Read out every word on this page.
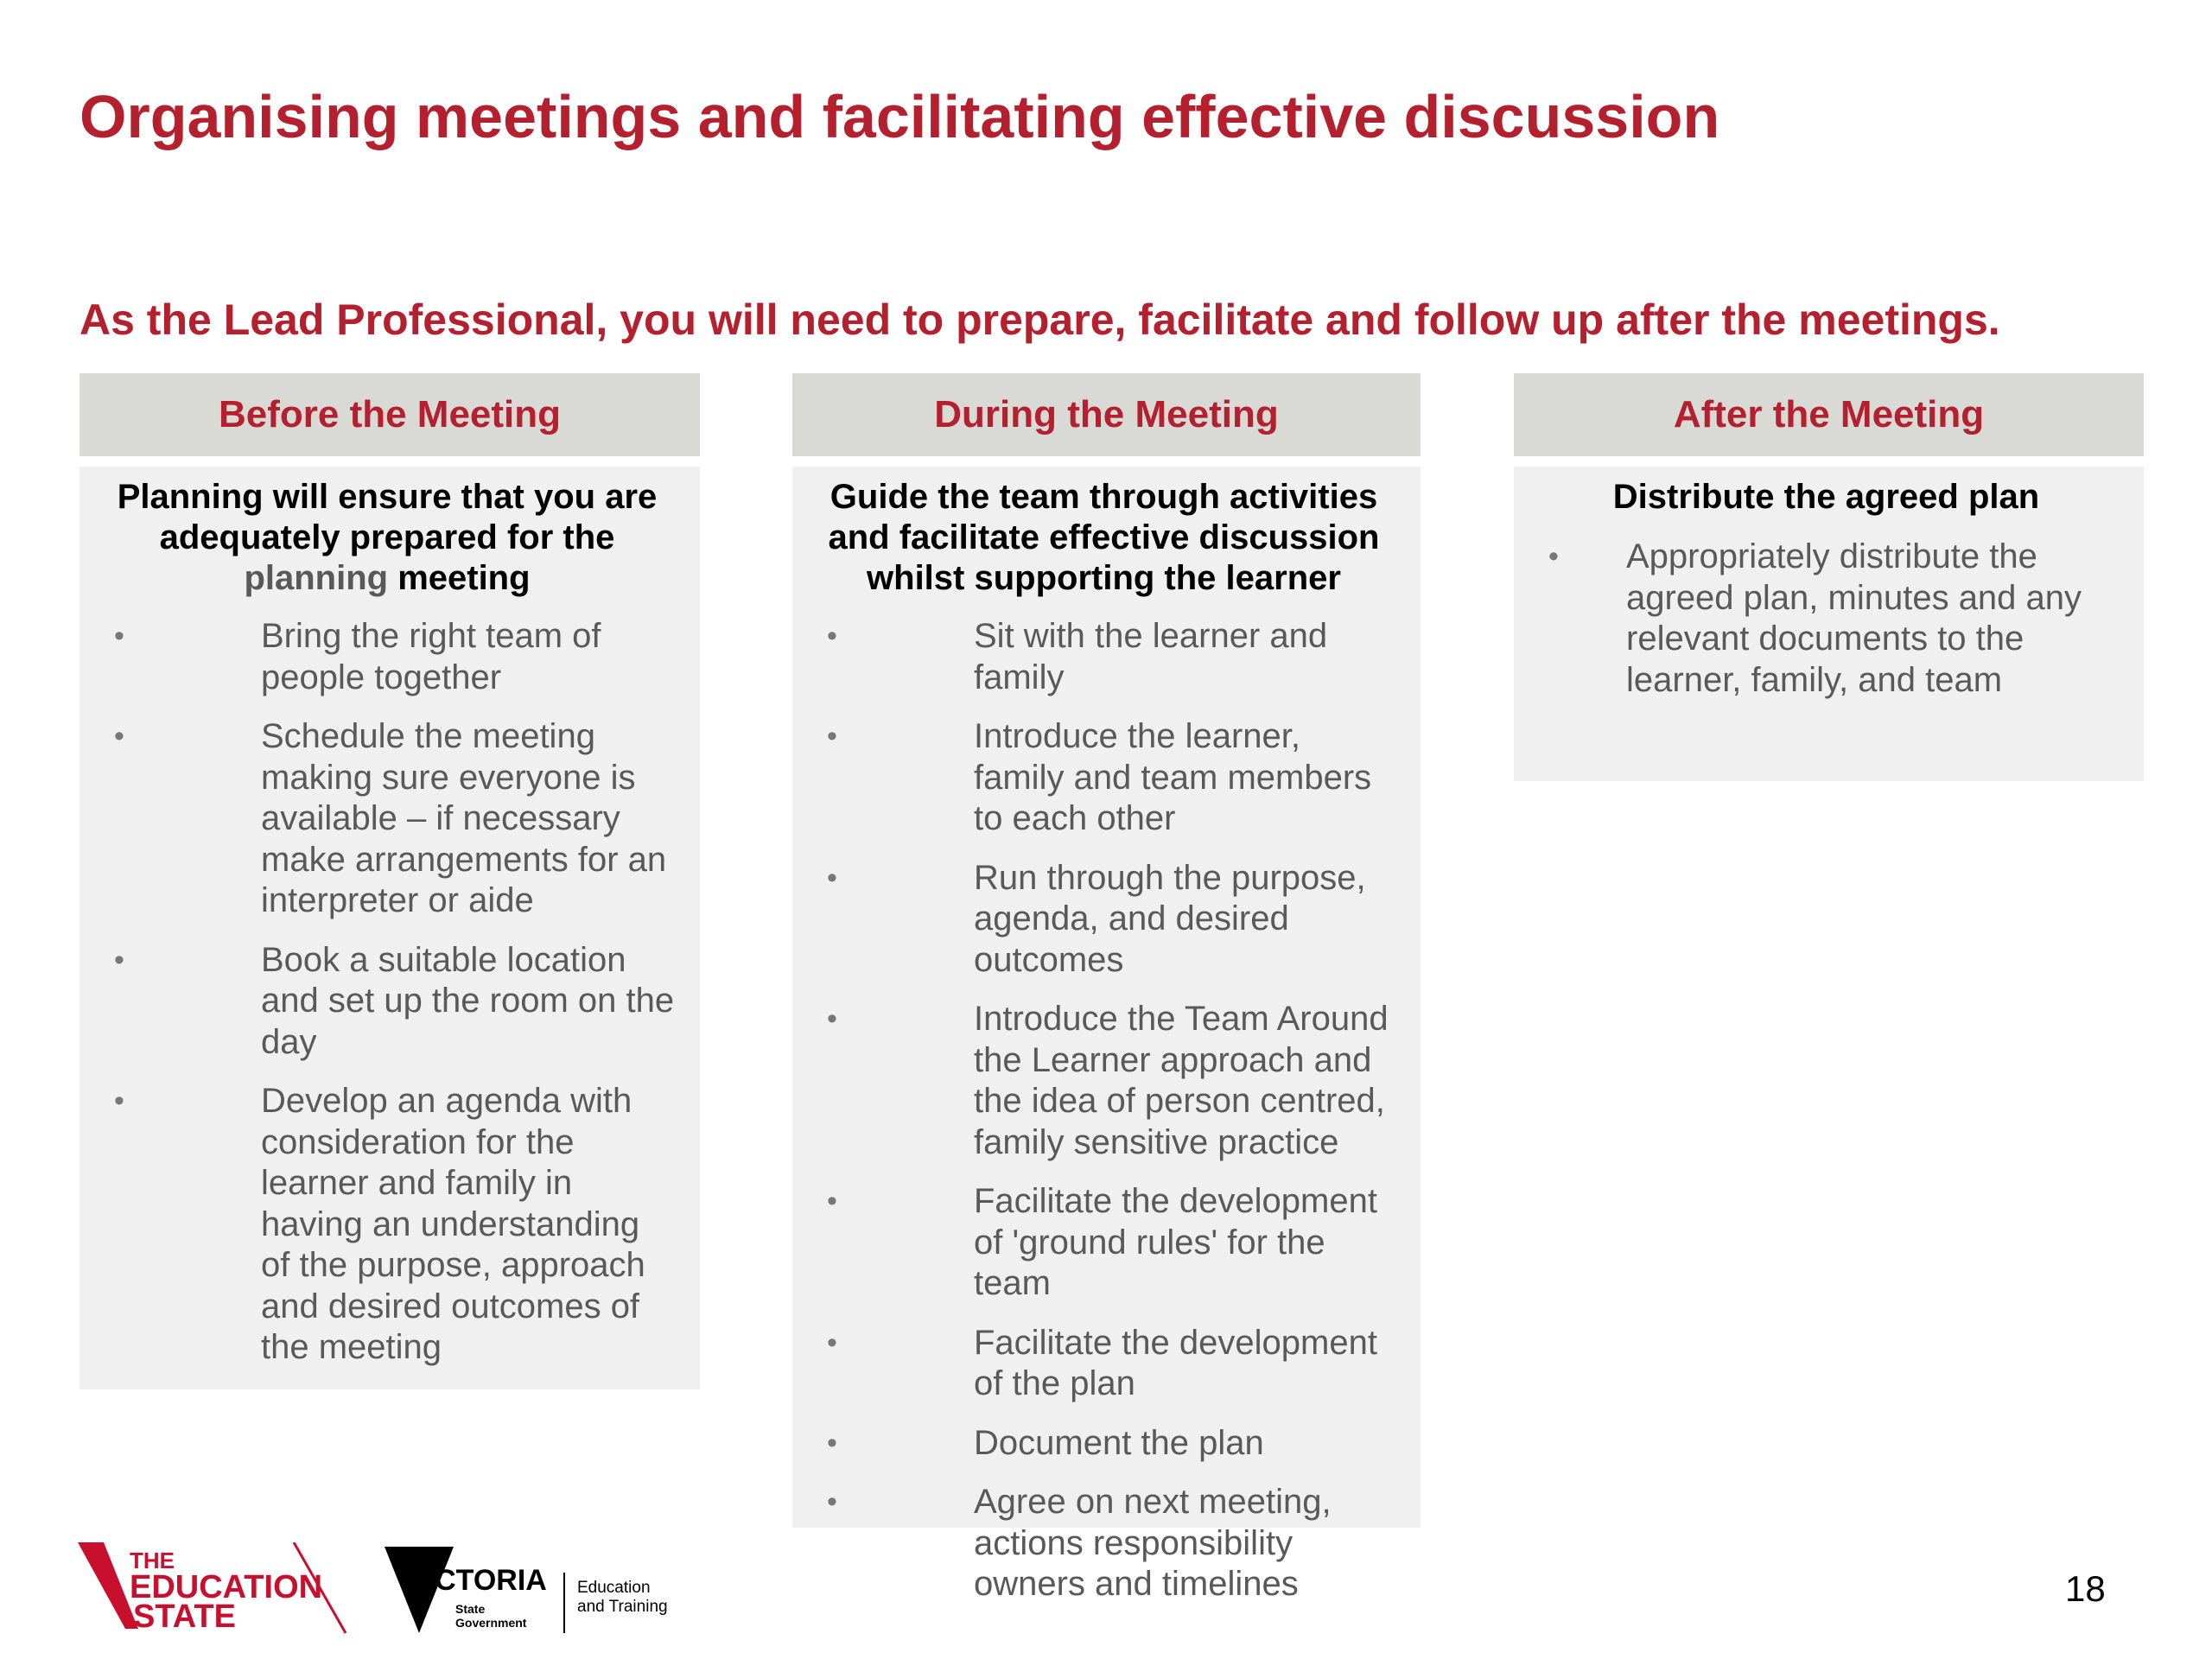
Organising meetings and facilitating effective discussion
As the Lead Professional, you will need to prepare, facilitate and follow up after the meetings.
Before the Meeting
Planning will ensure that you are adequately prepared for the planning meeting
•	Bring the right team of people together
•	Schedule the meeting making sure everyone is available – if necessary make arrangements for an interpreter or aide
•	Book a suitable location and set up the room on the day
•	Develop an agenda with consideration for the learner and family in having an understanding of the purpose, approach and desired outcomes of the meeting
During the Meeting
Guide the team through activities and facilitate effective discussion whilst supporting the learner
•	Sit with the learner and family
•	Introduce the learner, family and team members to each other
•	Run through the purpose, agenda, and desired outcomes
•	Introduce the Team Around the Learner approach and the idea of person centred, family sensitive practice
•	Facilitate the development of 'ground rules' for the team
•	Facilitate the development of the plan
•	Document the plan
•	Agree on next meeting, actions responsibility owners and timelines
After the Meeting
Distribute the agreed plan
• Appropriately distribute the agreed plan, minutes and any relevant documents to the learner, family, and team
THE
EDUCATION
STATE
VICTORIA
State
Government
Education
and Training	18
